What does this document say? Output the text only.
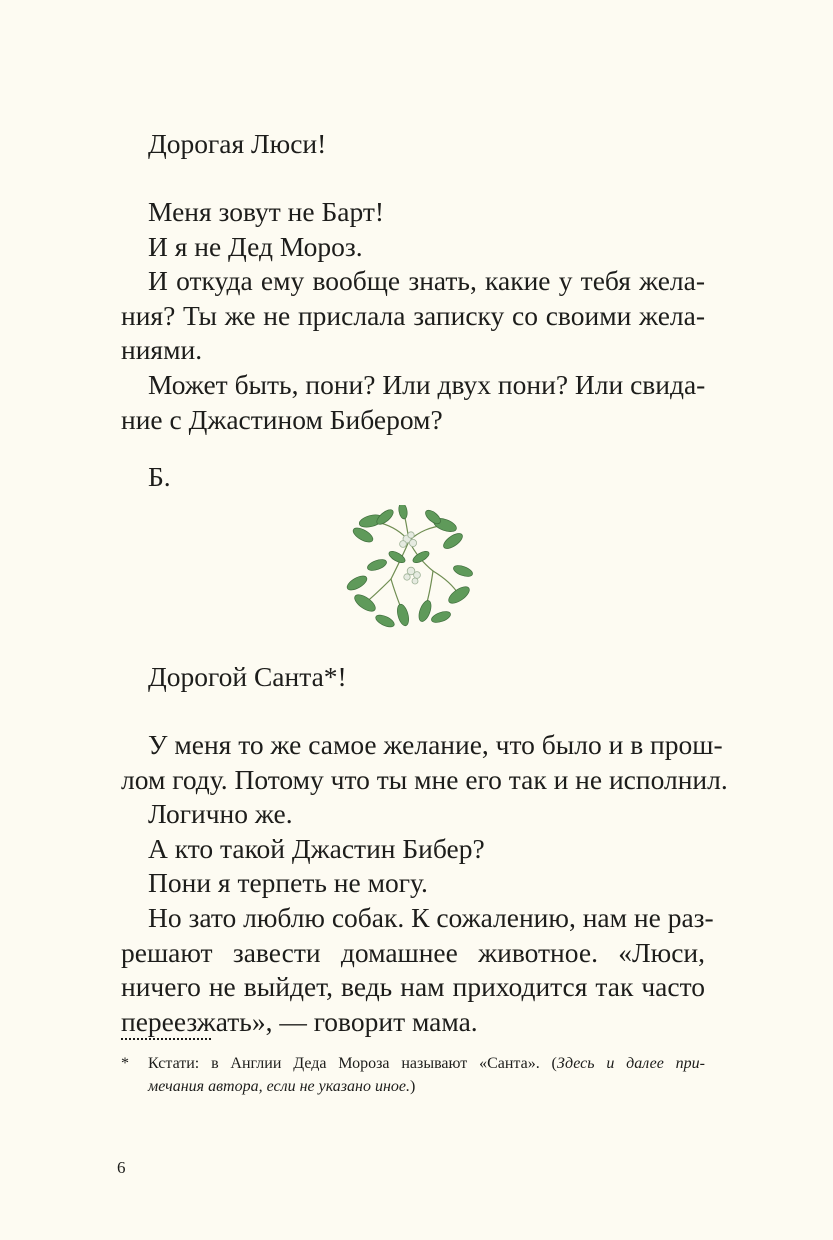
Дорогая Люси!
Меня зовут не Барт!
И я не Дед Мороз.
И откуда ему вообще знать, какие у тебя жела-
ния? Ты же не прислала записку со своими жела-
ниями.
Может быть, пони? Или двух пони? Или свида-
ние с Джастином Бибером?
Б.
Дорогой Санта*!
У меня то же самое желание, что было и в прош-
лом году. Потому что ты мне его так и не исполнил.
Логично же.
А кто такой Джастин Бибер?
Пони я терпеть не могу.
Но зато люблю собак. К сожалению, нам не раз-
решают завести домашнее животное. «Люси,
ничего не выйдет, ведь нам приходится так часто
переезжать», — говорит мама.
* Кстати: в Англии Деда Мороза называют «Санта». (Здесь и далее при-
мечания автора, если не указано иное.)
6
